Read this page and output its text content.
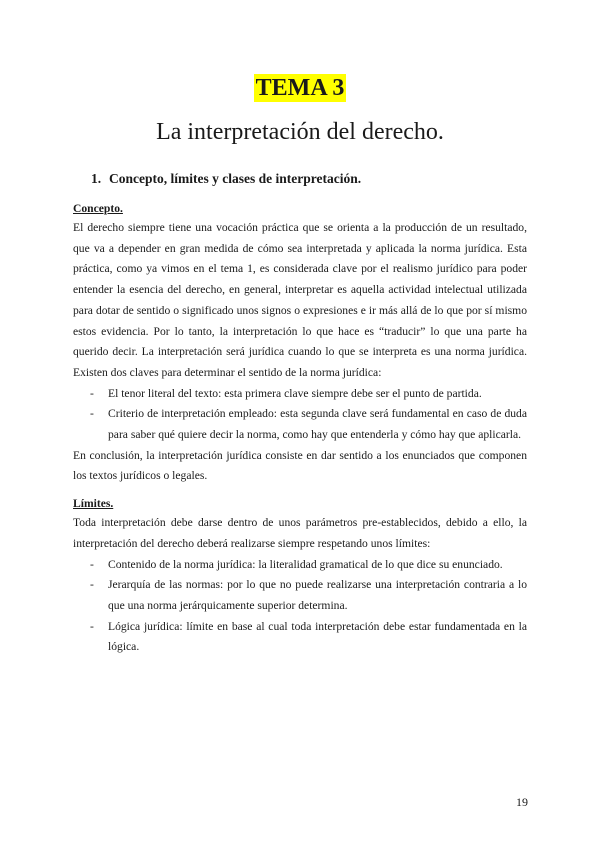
TEMA 3
La interpretación del derecho.
1. Concepto, límites y clases de interpretación.

Concepto.

El derecho siempre tiene una vocación práctica que se orienta a la producción de un resultado, que va a depender en gran medida de cómo sea interpretada y aplicada la norma jurídica. Esta práctica, como ya vimos en el tema 1, es considerada clave por el realismo jurídico para poder entender la esencia del derecho, en general, interpretar es aquella actividad intelectual utilizada para dotar de sentido o significado unos signos o expresiones e ir más allá de lo que por sí mismo estos evidencia. Por lo tanto, la interpretación lo que hace es “traducir” lo que una parte ha querido decir. La interpretación será jurídica cuando lo que se interpreta es una norma jurídica. Existen dos claves para determinar el sentido de la norma jurídica:

- El tenor literal del texto: esta primera clave siempre debe ser el punto de partida.
- Criterio de interpretación empleado: esta segunda clave será fundamental en caso de duda para saber qué quiere decir la norma, como hay que entenderla y cómo hay que aplicarla.

En conclusión, la interpretación jurídica consiste en dar sentido a los enunciados que componen los textos jurídicos o legales.

Límites.

Toda interpretación debe darse dentro de unos parámetros pre-establecidos, debido a ello, la interpretación del derecho deberá realizarse siempre respetando unos límites:

- Contenido de la norma jurídica: la literalidad gramatical de lo que dice su enunciado.
- Jerarquía de las normas: por lo que no puede realizarse una interpretación contraria a lo que una norma jerárquicamente superior determina.
- Lógica jurídica: límite en base al cual toda interpretación debe estar fundamentada en la lógica.
19
